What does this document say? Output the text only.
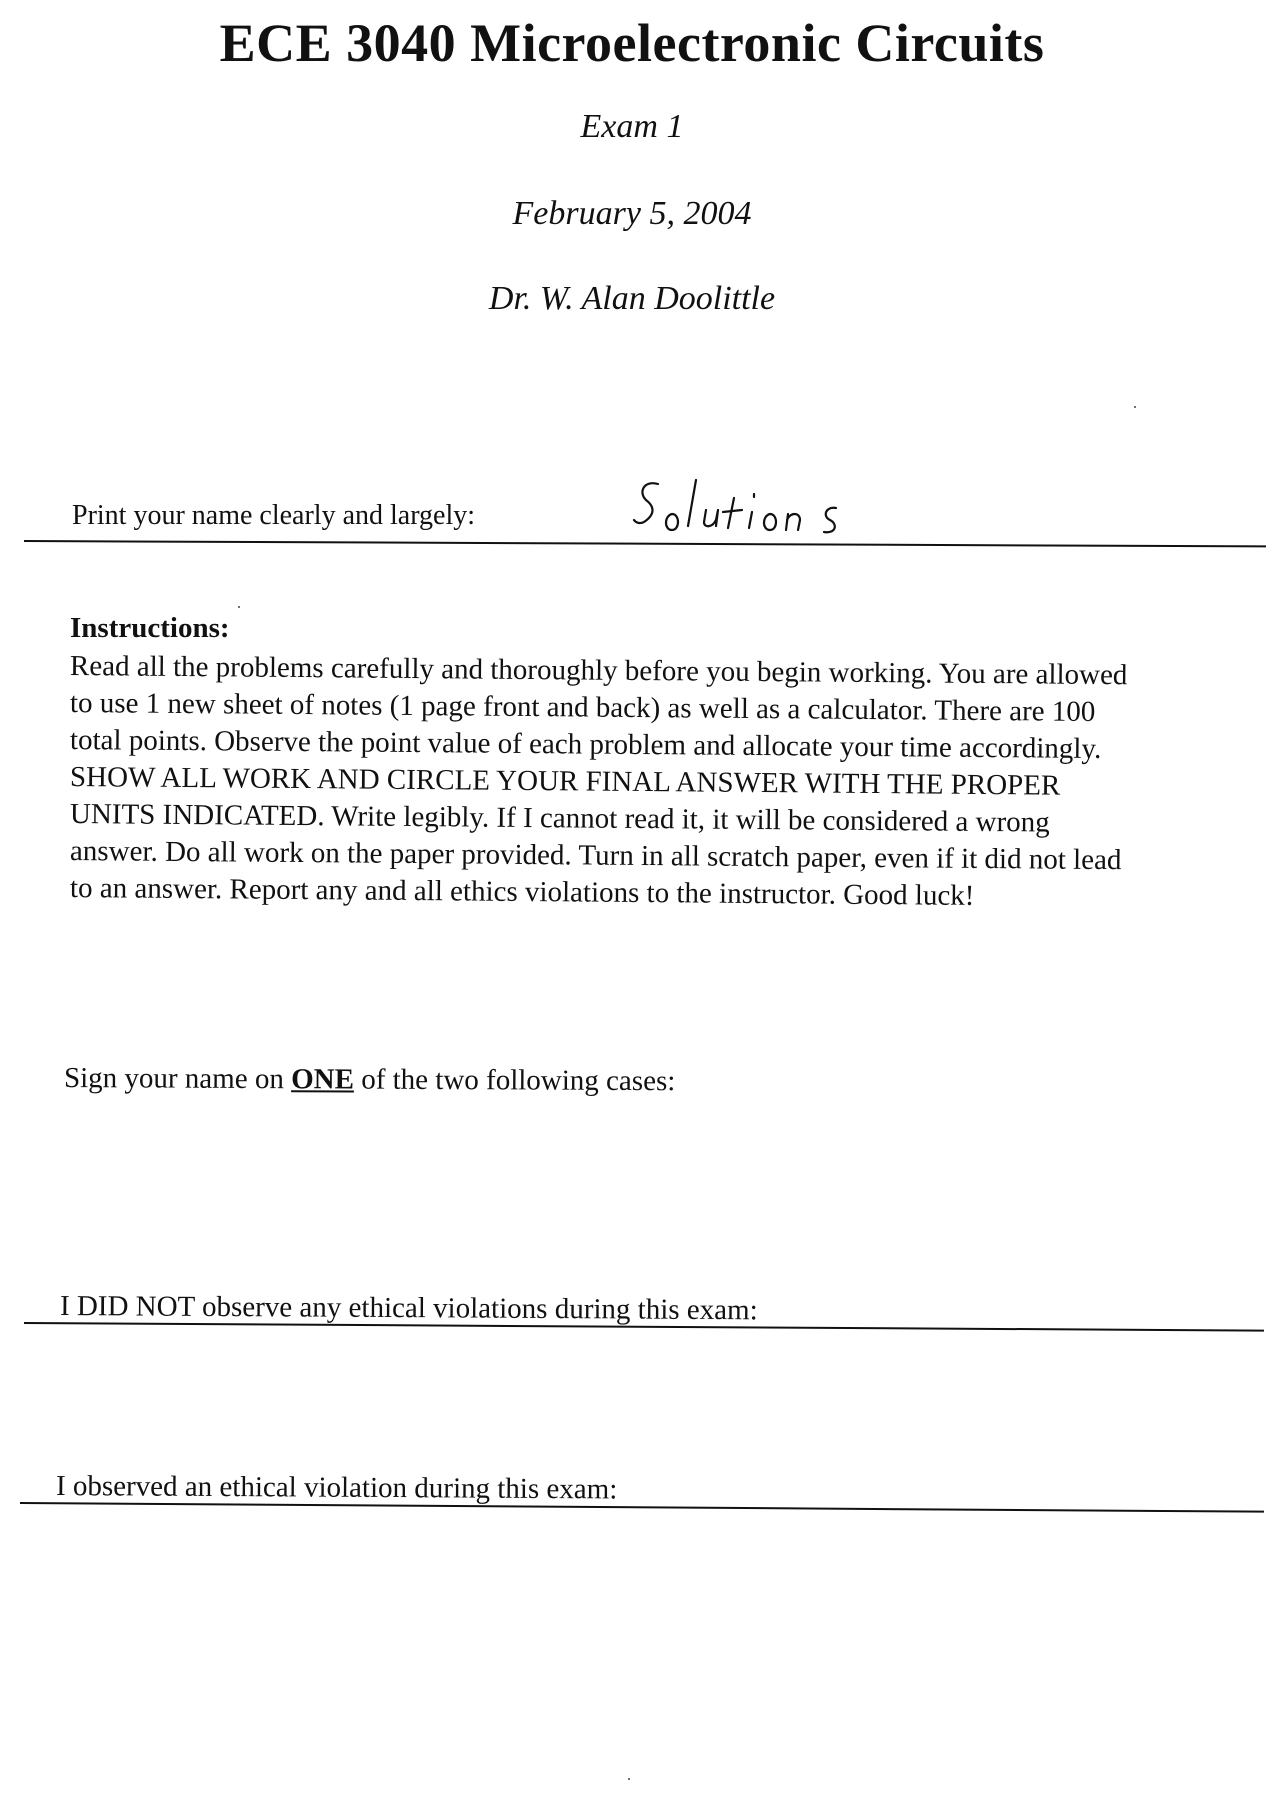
ECE 3040 Microelectronic Circuits
Exam 1
February 5, 2004
Dr. W. Alan Doolittle
Print your name clearly and largely:
Instructions:
Read all the problems carefully and thoroughly before you begin working. You are allowed
to use 1 new sheet of notes (1 page front and back) as well as a calculator. There are 100
total points. Observe the point value of each problem and allocate your time accordingly.
SHOW ALL WORK AND CIRCLE YOUR FINAL ANSWER WITH THE PROPER
UNITS INDICATED. Write legibly. If I cannot read it, it will be considered a wrong
answer. Do all work on the paper provided. Turn in all scratch paper, even if it did not lead
to an answer. Report any and all ethics violations to the instructor. Good luck!
Sign your name on ONE of the two following cases:
I DID NOT observe any ethical violations during this exam:
I observed an ethical violation during this exam:
